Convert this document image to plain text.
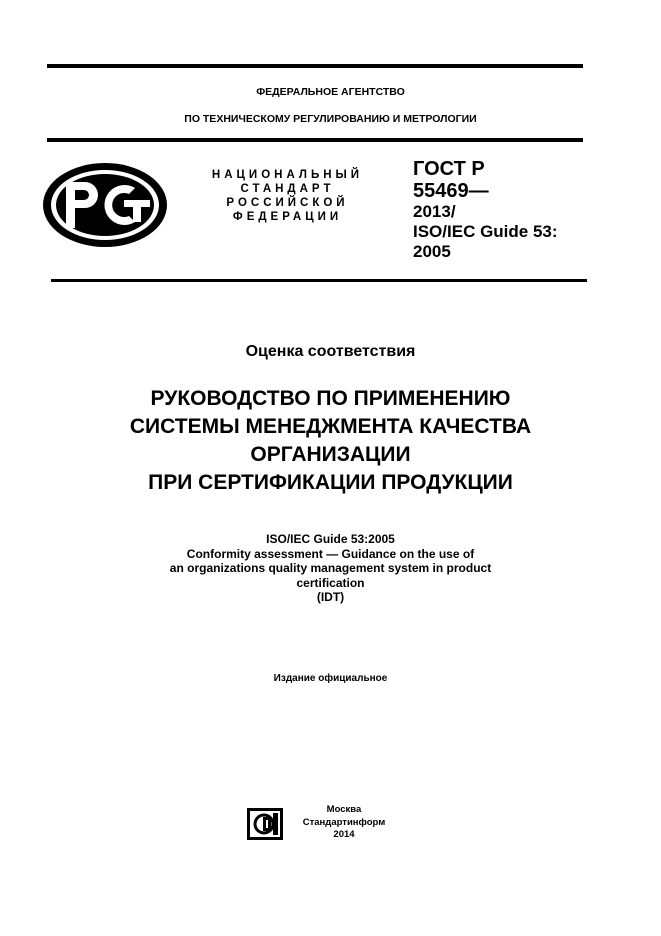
ФЕДЕРАЛЬНОЕ АГЕНТСТВО
ПО ТЕХНИЧЕСКОМУ РЕГУЛИРОВАНИЮ И МЕТРОЛОГИИ
НАЦИОНАЛЬНЫЙ
СТАНДАРТ
РОССИЙСКОЙ
ФЕДЕРАЦИИ
ГОСТ Р
55469—
2013/
ISO/IEC Guide 53:
2005
Оценка соответствия
РУКОВОДСТВО ПО ПРИМЕНЕНИЮ
СИСТЕМЫ МЕНЕДЖМЕНТА КАЧЕСТВА
ОРГАНИЗАЦИИ
ПРИ СЕРТИФИКАЦИИ ПРОДУКЦИИ
ISO/IEC Guide 53:2005
Conformity assessment — Guidance on the use of
an organizations quality management system in product
certification
(IDT)
Издание официальное
Москва
Стандартинформ
2014
